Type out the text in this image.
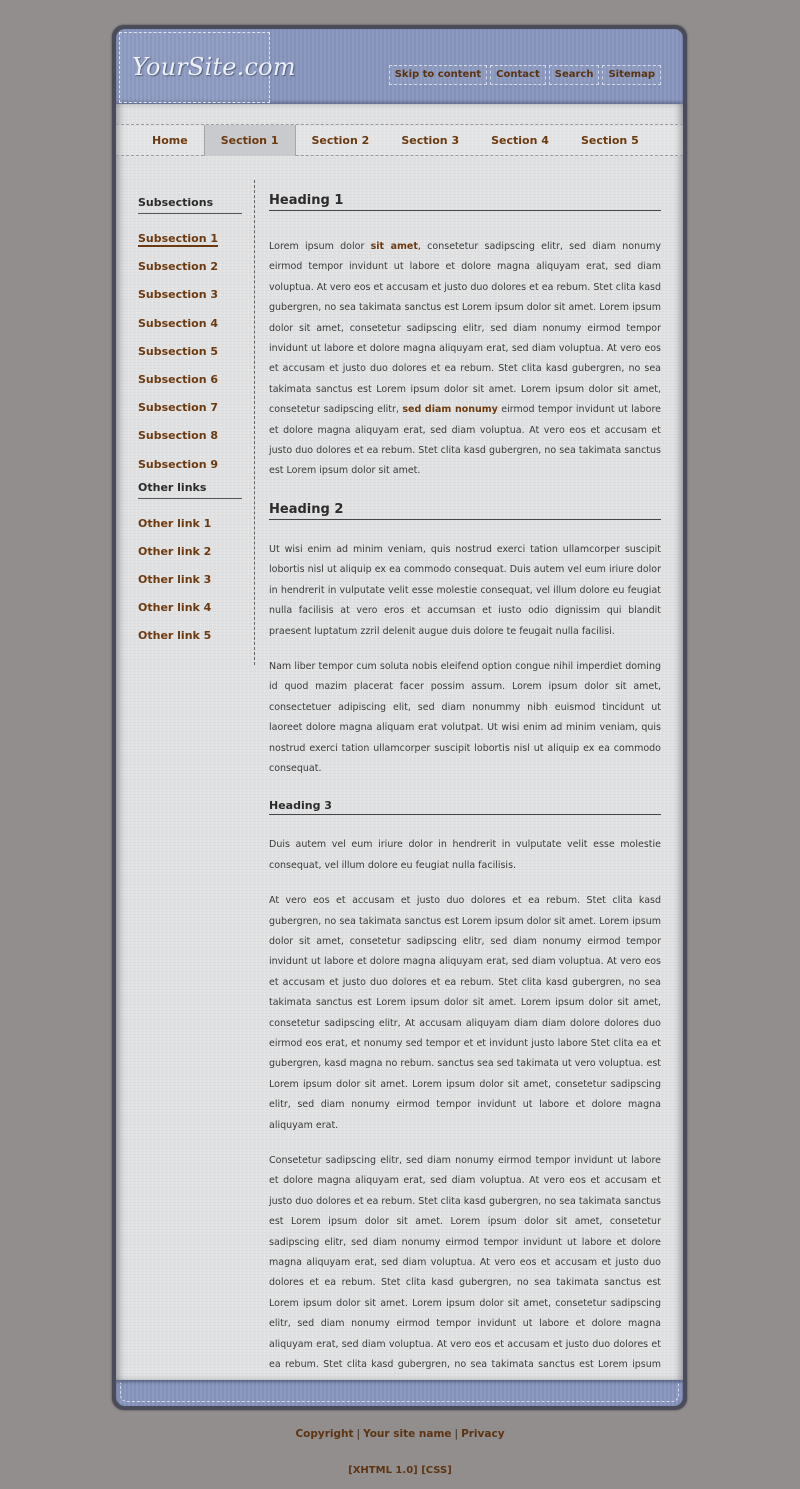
YourSite.com	Skip to content	Contact	Search	Sitemap
Home	Section 1	Section 2	Section 3	Section 4	Section 5
Subsections
Subsection 1
Subsection 2
Subsection 3
Subsection 4
Subsection 5
Subsection 6
Subsection 7
Subsection 8
Subsection 9
Other links
Other link 1
Other link 2
Other link 3
Other link 4
Other link 5
Heading 1

Lorem ipsum dolor sit amet, consetetur sadipscing elitr, sed diam nonumy eirmod tempor invidunt ut labore et dolore magna aliquyam erat, sed diam voluptua. At vero eos et accusam et justo duo dolores et ea rebum. Stet clita kasd gubergren, no sea takimata sanctus est Lorem ipsum dolor sit amet. Lorem ipsum dolor sit amet, consetetur sadipscing elitr, sed diam nonumy eirmod tempor invidunt ut labore et dolore magna aliquyam erat, sed diam voluptua. At vero eos et accusam et justo duo dolores et ea rebum. Stet clita kasd gubergren, no sea takimata sanctus est Lorem ipsum dolor sit amet. Lorem ipsum dolor sit amet, consetetur sadipscing elitr, sed diam nonumy eirmod tempor invidunt ut labore et dolore magna aliquyam erat, sed diam voluptua. At vero eos et accusam et justo duo dolores et ea rebum. Stet clita kasd gubergren, no sea takimata sanctus est Lorem ipsum dolor sit amet.

Heading 2

Ut wisi enim ad minim veniam, quis nostrud exerci tation ullamcorper suscipit lobortis nisl ut aliquip ex ea commodo consequat. Duis autem vel eum iriure dolor in hendrerit in vulputate velit esse molestie consequat, vel illum dolore eu feugiat nulla facilisis at vero eros et accumsan et iusto odio dignissim qui blandit praesent luptatum zzril delenit augue duis dolore te feugait nulla facilisi.

Nam liber tempor cum soluta nobis eleifend option congue nihil imperdiet doming id quod mazim placerat facer possim assum. Lorem ipsum dolor sit amet, consectetuer adipiscing elit, sed diam nonummy nibh euismod tincidunt ut laoreet dolore magna aliquam erat volutpat. Ut wisi enim ad minim veniam, quis nostrud exerci tation ullamcorper suscipit lobortis nisl ut aliquip ex ea commodo consequat.

Heading 3

Duis autem vel eum iriure dolor in hendrerit in vulputate velit esse molestie consequat, vel illum dolore eu feugiat nulla facilisis.

At vero eos et accusam et justo duo dolores et ea rebum. Stet clita kasd gubergren, no sea takimata sanctus est Lorem ipsum dolor sit amet. Lorem ipsum dolor sit amet, consetetur sadipscing elitr, sed diam nonumy eirmod tempor invidunt ut labore et dolore magna aliquyam erat, sed diam voluptua. At vero eos et accusam et justo duo dolores et ea rebum. Stet clita kasd gubergren, no sea takimata sanctus est Lorem ipsum dolor sit amet. Lorem ipsum dolor sit amet, consetetur sadipscing elitr, At accusam aliquyam diam diam dolore dolores duo eirmod eos erat, et nonumy sed tempor et et invidunt justo labore Stet clita ea et gubergren, kasd magna no rebum. sanctus sea sed takimata ut vero voluptua. est Lorem ipsum dolor sit amet. Lorem ipsum dolor sit amet, consetetur sadipscing elitr, sed diam nonumy eirmod tempor invidunt ut labore et dolore magna aliquyam erat.

Consetetur sadipscing elitr, sed diam nonumy eirmod tempor invidunt ut labore et dolore magna aliquyam erat, sed diam voluptua. At vero eos et accusam et justo duo dolores et ea rebum. Stet clita kasd gubergren, no sea takimata sanctus est Lorem ipsum dolor sit amet. Lorem ipsum dolor sit amet, consetetur sadipscing elitr, sed diam nonumy eirmod tempor invidunt ut labore et dolore magna aliquyam erat, sed diam voluptua. At vero eos et accusam et justo duo dolores et ea rebum. Stet clita kasd gubergren, no sea takimata sanctus est Lorem ipsum dolor sit amet. Lorem ipsum dolor sit amet, consetetur sadipscing elitr, sed diam nonumy eirmod tempor invidunt ut labore et dolore magna aliquyam erat, sed diam voluptua. At vero eos et accusam et justo duo dolores et ea rebum. Stet clita kasd gubergren, no sea takimata sanctus est Lorem ipsum

Copyright | Your site name | Privacy
[XHTML 1.0] [CSS]
